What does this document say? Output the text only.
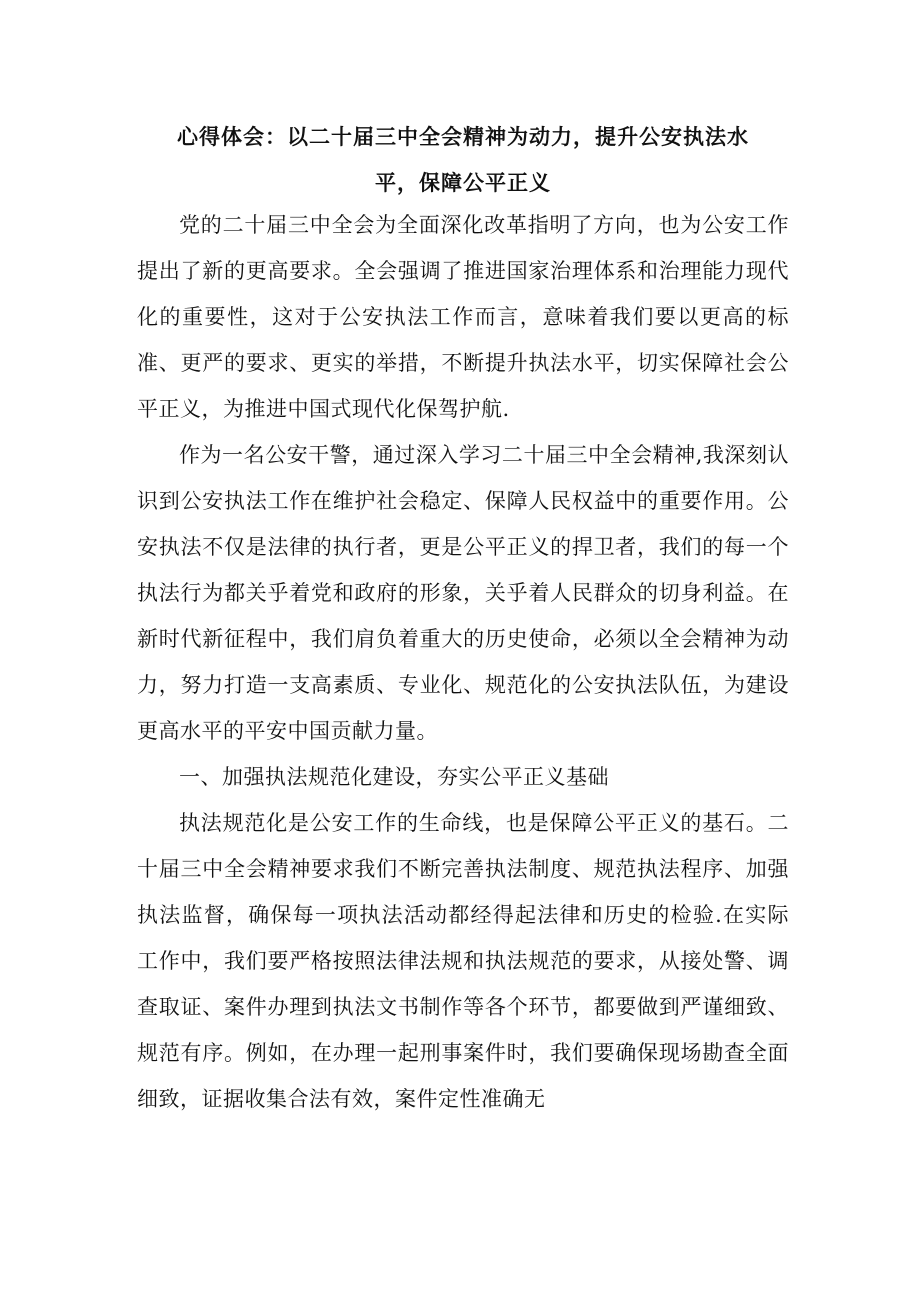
心得体会：以二十届三中全会精神为动力，提升公安执法水
平，保障公平正义

党的二十届三中全会为全面深化改革指明了方向，也为公安工作提出了新的更高要求。全会强调了推进国家治理体系和治理能力现代化的重要性，这对于公安执法工作而言，意味着我们要以更高的标准、更严的要求、更实的举措，不断提升执法水平，切实保障社会公平正义，为推进中国式现代化保驾护航.

作为一名公安干警，通过深入学习二十届三中全会精神,我深刻认识到公安执法工作在维护社会稳定、保障人民权益中的重要作用。公安执法不仅是法律的执行者，更是公平正义的捍卫者，我们的每一个执法行为都关乎着党和政府的形象，关乎着人民群众的切身利益。在新时代新征程中，我们肩负着重大的历史使命，必须以全会精神为动力，努力打造一支高素质、专业化、规范化的公安执法队伍，为建设更高水平的平安中国贡献力量。

一、加强执法规范化建设，夯实公平正义基础

执法规范化是公安工作的生命线，也是保障公平正义的基石。二十届三中全会精神要求我们不断完善执法制度、规范执法程序、加强执法监督，确保每一项执法活动都经得起法律和历史的检验.在实际工作中，我们要严格按照法律法规和执法规范的要求，从接处警、调查取证、案件办理到执法文书制作等各个环节，都要做到严谨细致、规范有序。例如，在办理一起刑事案件时，我们要确保现场勘查全面细致，证据收集合法有效，案件定性准确无
